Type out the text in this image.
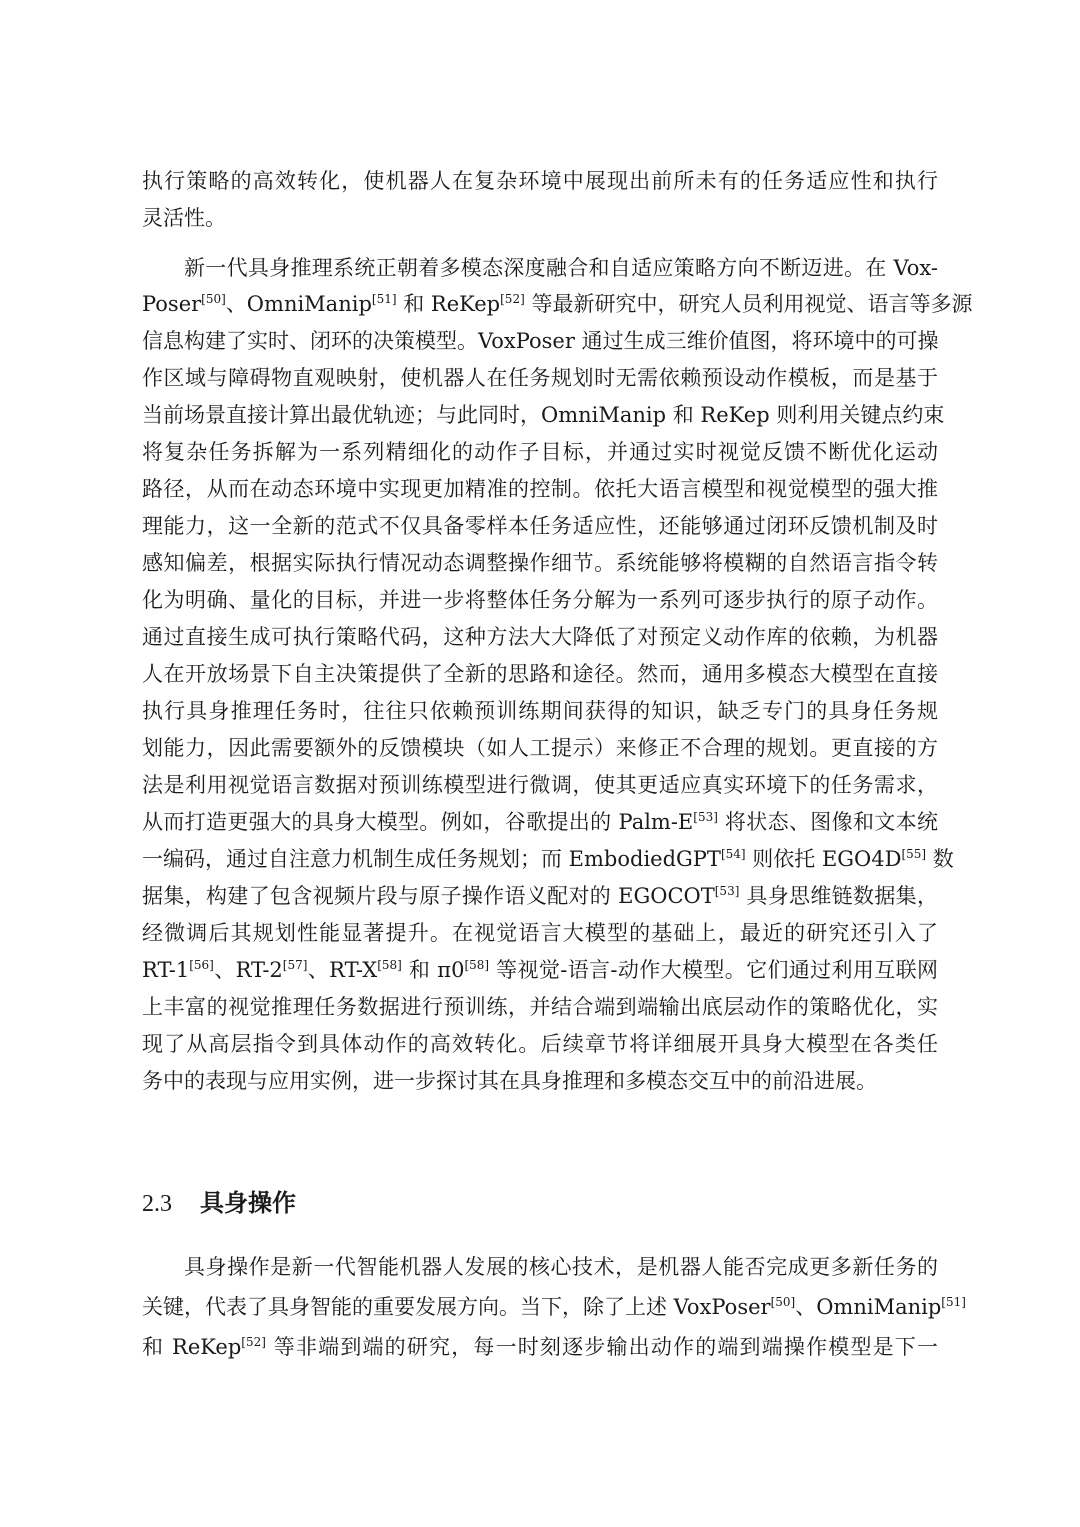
执行策略的高效转化，使机器人在复杂环境中展现出前所未有的任务适应性和执行
灵活性。
新一代具身推理系统正朝着多模态深度融合和自适应策略方向不断迈进。在 Vox-
Poser[50]、OmniManip[51] 和 ReKep[52] 等最新研究中，研究人员利用视觉、语言等多源
信息构建了实时、闭环的决策模型。VoxPoser 通过生成三维价值图，将环境中的可操
作区域与障碍物直观映射，使机器人在任务规划时无需依赖预设动作模板，而是基于
当前场景直接计算出最优轨迹；与此同时，OmniManip 和 ReKep 则利用关键点约束
将复杂任务拆解为一系列精细化的动作子目标，并通过实时视觉反馈不断优化运动
路径，从而在动态环境中实现更加精准的控制。依托大语言模型和视觉模型的强大推
理能力，这一全新的范式不仅具备零样本任务适应性，还能够通过闭环反馈机制及时
感知偏差，根据实际执行情况动态调整操作细节。系统能够将模糊的自然语言指令转
化为明确、量化的目标，并进一步将整体任务分解为一系列可逐步执行的原子动作。
通过直接生成可执行策略代码，这种方法大大降低了对预定义动作库的依赖，为机器
人在开放场景下自主决策提供了全新的思路和途径。然而，通用多模态大模型在直接
执行具身推理任务时，往往只依赖预训练期间获得的知识，缺乏专门的具身任务规
划能力，因此需要额外的反馈模块（如人工提示）来修正不合理的规划。更直接的方
法是利用视觉语言数据对预训练模型进行微调，使其更适应真实环境下的任务需求，
从而打造更强大的具身大模型。例如，谷歌提出的 Palm-E[53] 将状态、图像和文本统
一编码，通过自注意力机制生成任务规划；而 EmbodiedGPT[54] 则依托 EGO4D[55] 数
据集，构建了包含视频片段与原子操作语义配对的 EGOCOT[53] 具身思维链数据集，
经微调后其规划性能显著提升。在视觉语言大模型的基础上，最近的研究还引入了
RT-1[56]、RT-2[57]、RT-X[58] 和 π0[58] 等视觉-语言-动作大模型。它们通过利用互联网
上丰富的视觉推理任务数据进行预训练，并结合端到端输出底层动作的策略优化，实
现了从高层指令到具体动作的高效转化。后续章节将详细展开具身大模型在各类任
务中的表现与应用实例，进一步探讨其在具身推理和多模态交互中的前沿进展。
2.3 具身操作
具身操作是新一代智能机器人发展的核心技术，是机器人能否完成更多新任务的
关键，代表了具身智能的重要发展方向。当下，除了上述 VoxPoser[50]、OmniManip[51]
和 ReKep[52] 等非端到端的研究，每一时刻逐步输出动作的端到端操作模型是下一
